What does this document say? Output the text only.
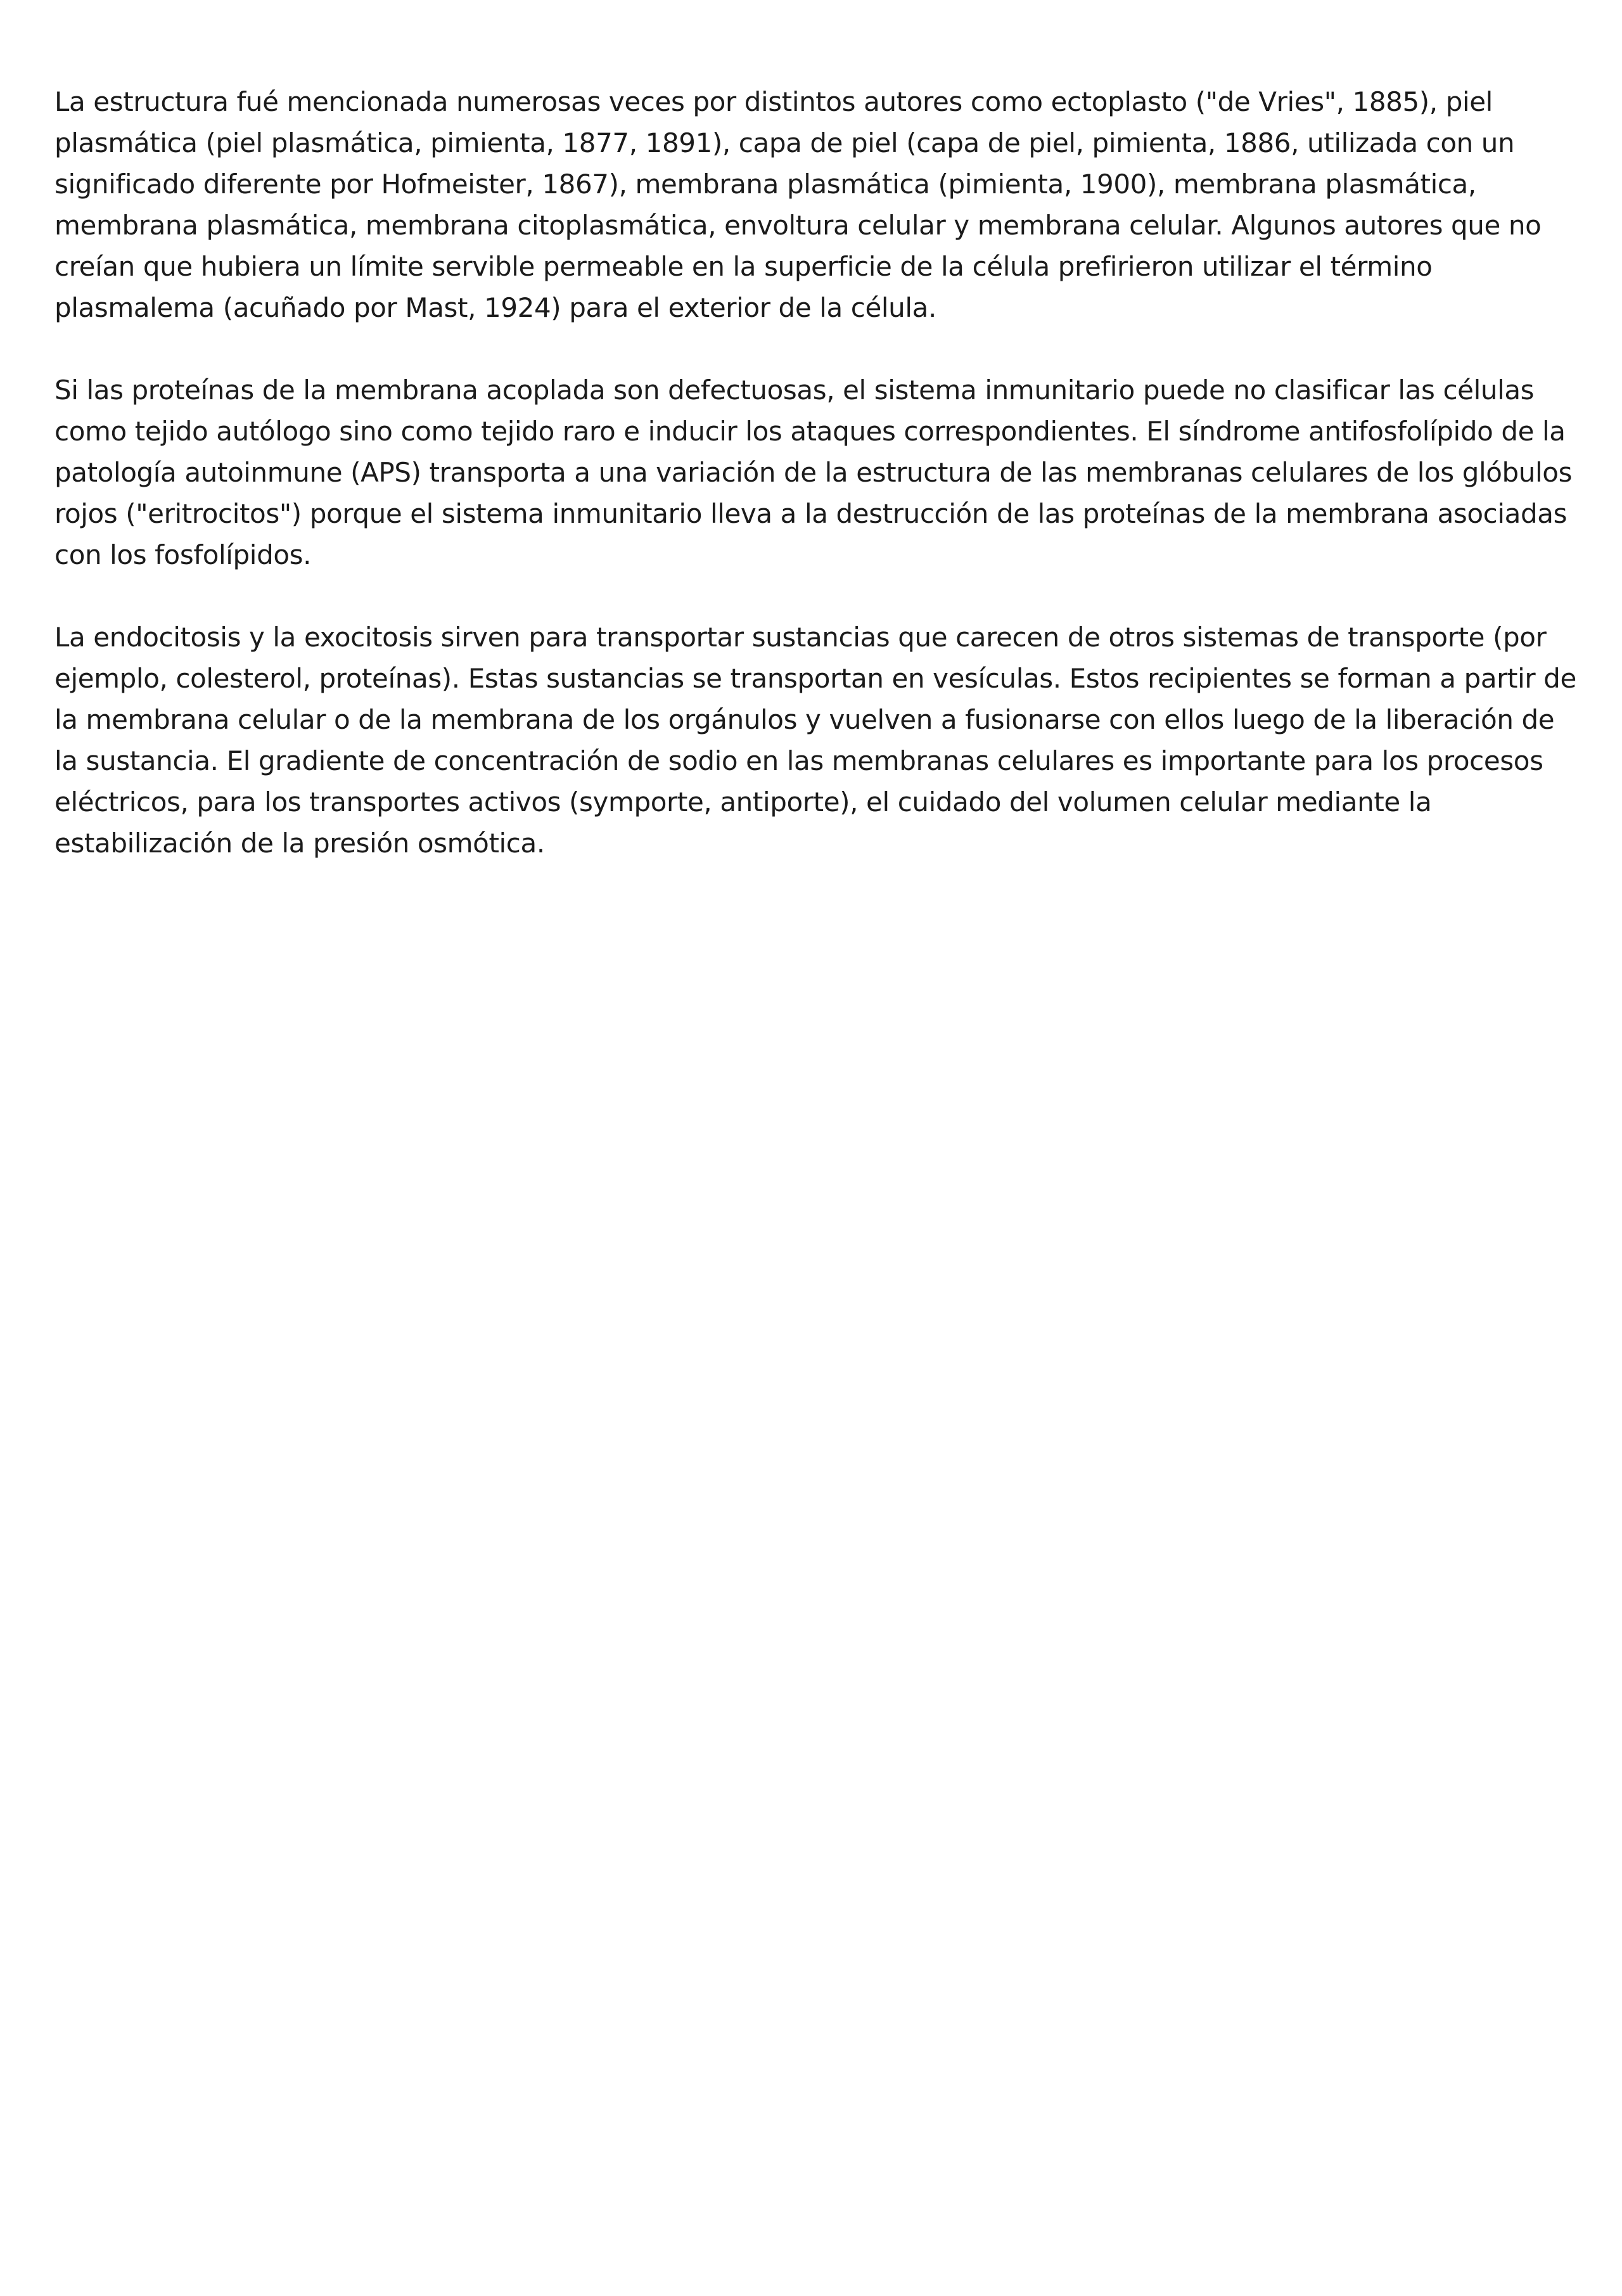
La estructura fué mencionada numerosas veces por distintos autores como ectoplasto ("de Vries", 1885), piel plasmática (piel plasmática, pimienta, 1877, 1891), capa de piel (capa de piel, pimienta, 1886, utilizada con un significado diferente por Hofmeister, 1867), membrana plasmática (pimienta, 1900), membrana plasmática, membrana plasmática, membrana citoplasmática, envoltura celular y membrana celular. Algunos autores que no creían que hubiera un límite servible permeable en la superficie de la célula prefirieron utilizar el término plasmalema (acuñado por Mast, 1924) para el exterior de la célula.

Si las proteínas de la membrana acoplada son defectuosas, el sistema inmunitario puede no clasificar las células como tejido autólogo sino como tejido raro e inducir los ataques correspondientes. El síndrome antifosfolípido de la patología autoinmune (APS) transporta a una variación de la estructura de las membranas celulares de los glóbulos rojos ("eritrocitos") porque el sistema inmunitario lleva a la destrucción de las proteínas de la membrana asociadas con los fosfolípidos.

La endocitosis y la exocitosis sirven para transportar sustancias que carecen de otros sistemas de transporte (por ejemplo, colesterol, proteínas). Estas sustancias se transportan en vesículas. Estos recipientes se forman a partir de la membrana celular o de la membrana de los orgánulos y vuelven a fusionarse con ellos luego de la liberación de la sustancia. El gradiente de concentración de sodio en las membranas celulares es importante para los procesos eléctricos, para los transportes activos (symporte, antiporte), el cuidado del volumen celular mediante la estabilización de la presión osmótica.
